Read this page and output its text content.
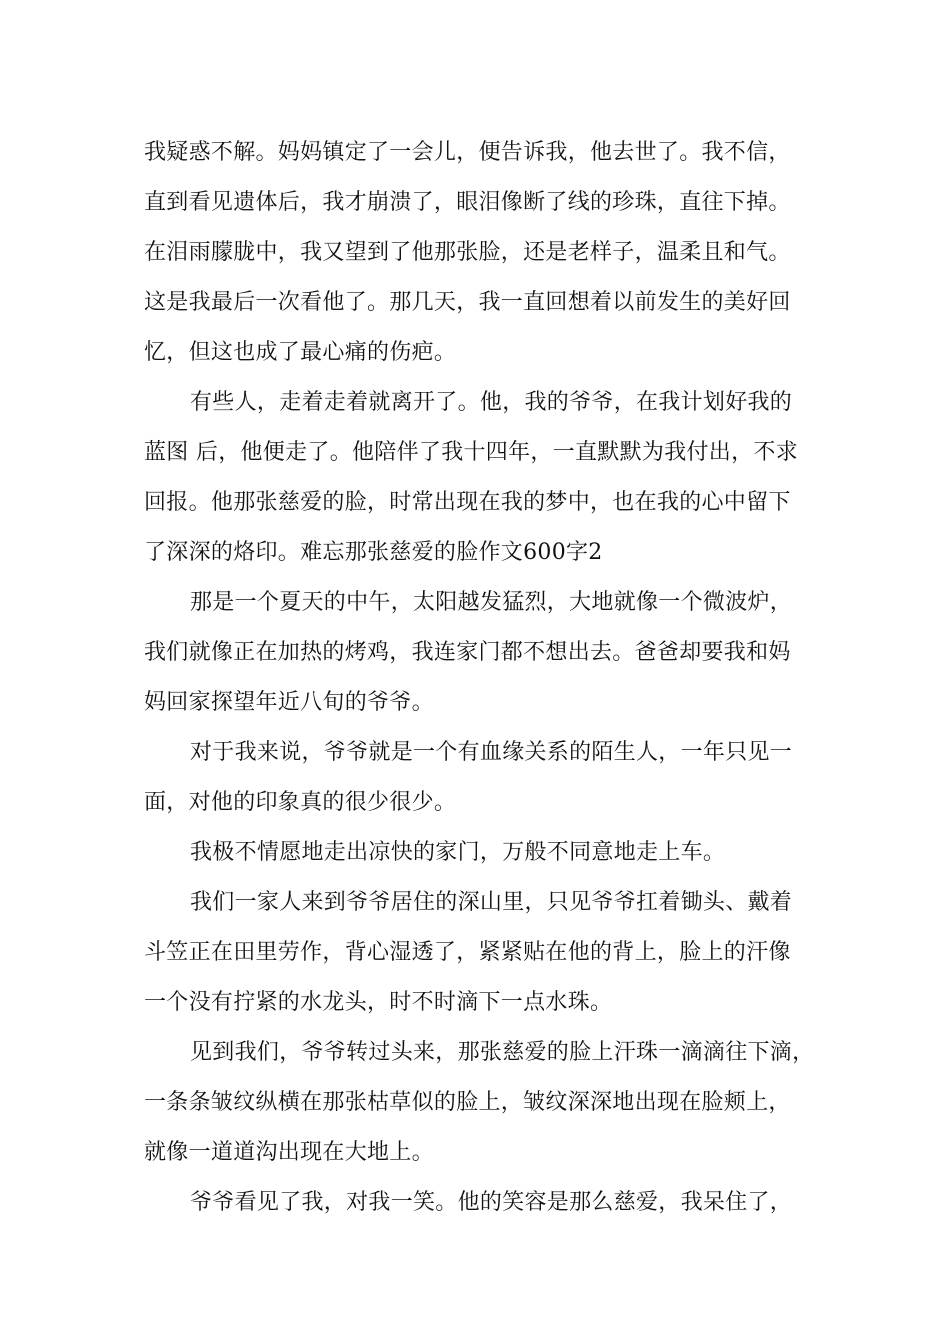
我疑惑不解。妈妈镇定了一会儿，便告诉我，他去世了。我不信，
直到看见遗体后，我才崩溃了，眼泪像断了线的珍珠，直往下掉。
在泪雨朦胧中，我又望到了他那张脸，还是老样子，温柔且和气。
这是我最后一次看他了。那几天，我一直回想着以前发生的美好回
忆，但这也成了最心痛的伤疤。
有些人，走着走着就离开了。他，我的爷爷，在我计划好我的
蓝图 后，他便走了。他陪伴了我十四年，一直默默为我付出，不求
回报。他那张慈爱的脸，时常出现在我的梦中，也在我的心中留下
了深深的烙印。难忘那张慈爱的脸作文600字2
那是一个夏天的中午，太阳越发猛烈，大地就像一个微波炉，
我们就像正在加热的烤鸡，我连家门都不想出去。爸爸却要我和妈
妈回家探望年近八旬的爷爷。
对于我来说，爷爷就是一个有血缘关系的陌生人，一年只见一
面，对他的印象真的很少很少。
我极不情愿地走出凉快的家门，万般不同意地走上车。
我们一家人来到爷爷居住的深山里，只见爷爷扛着锄头、戴着
斗笠正在田里劳作，背心湿透了，紧紧贴在他的背上，脸上的汗像
一个没有拧紧的水龙头，时不时滴下一点水珠。
见到我们，爷爷转过头来，那张慈爱的脸上汗珠一滴滴往下滴，
一条条皱纹纵横在那张枯草似的脸上，皱纹深深地出现在脸颊上，
就像一道道沟出现在大地上。
爷爷看见了我，对我一笑。他的笑容是那么慈爱，我呆住了，
